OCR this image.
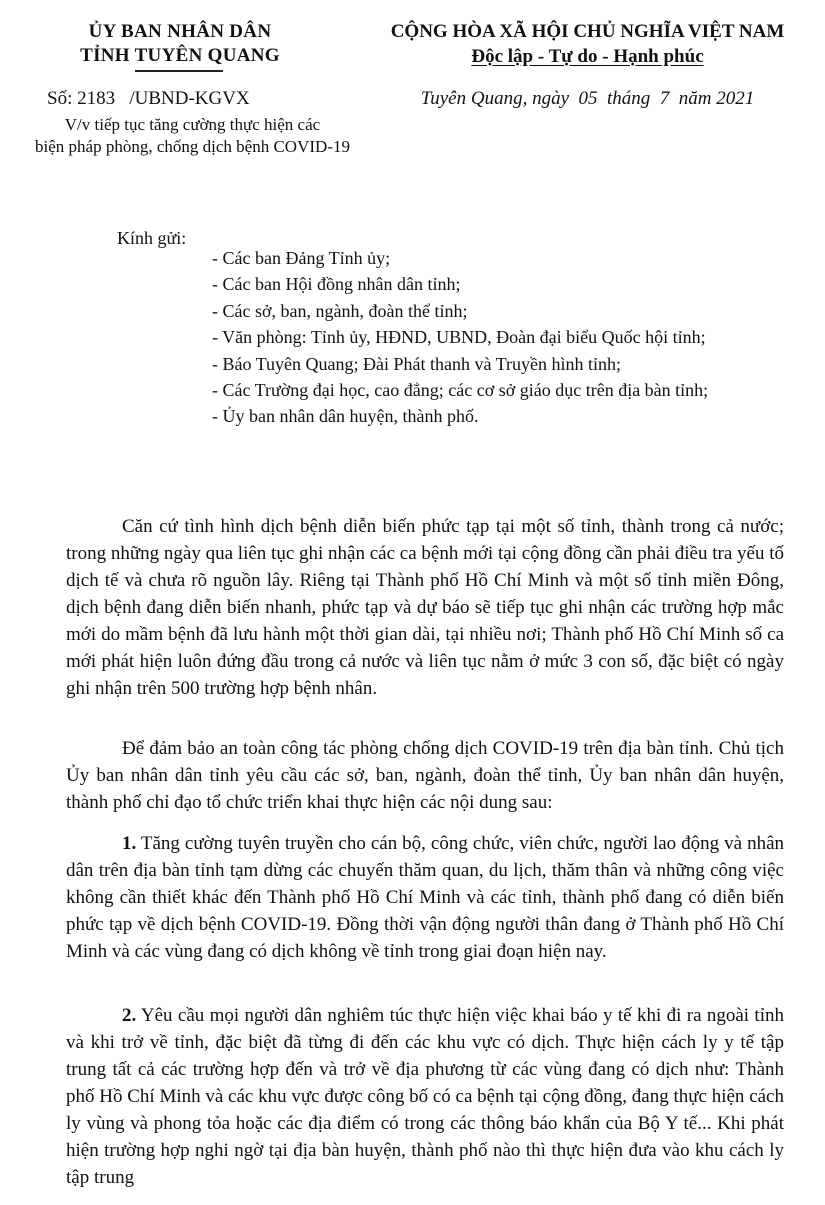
ỦY BAN NHÂN DÂN
TỈNH TUYÊN QUANG
CỘNG HÒA XÃ HỘI CHỦ NGHĨA VIỆT NAM
Độc lập - Tự do - Hạnh phúc
Số: 2183 /UBND-KGVX	Tuyên Quang, ngày  05  tháng  7  năm 2021
V/v tiếp tục tăng cường thực hiện các
biện pháp phòng, chống dịch bệnh COVID-19
Kính gửi:
- Các ban Đảng Tỉnh ủy;
- Các ban Hội đồng nhân dân tỉnh;
- Các sở, ban, ngành, đoàn thể tỉnh;
- Văn phòng: Tỉnh ủy, HĐND, UBND, Đoàn đại biểu Quốc hội tỉnh;
- Báo Tuyên Quang; Đài Phát thanh và Truyền hình tỉnh;
- Các Trường đại học, cao đẳng; các cơ sở giáo dục trên địa bàn tỉnh;
- Ủy ban nhân dân huyện, thành phố.

Căn cứ tình hình dịch bệnh diễn biến phức tạp tại một số tỉnh, thành trong cả nước; trong những ngày qua liên tục ghi nhận các ca bệnh mới tại cộng đồng cần phải điều tra yếu tố dịch tế và chưa rõ nguồn lây. Riêng tại Thành phố Hồ Chí Minh và một số tỉnh miền Đông, dịch bệnh đang diễn biến nhanh, phức tạp và dự báo sẽ tiếp tục ghi nhận các trường hợp mắc mới do mầm bệnh đã lưu hành một thời gian dài, tại nhiều nơi; Thành phố Hồ Chí Minh số ca mới phát hiện luôn đứng đầu trong cả nước và liên tục nằm ở mức 3 con số, đặc biệt có ngày ghi nhận trên 500 trường hợp bệnh nhân.

Để đảm bảo an toàn công tác phòng chống dịch COVID-19 trên địa bàn tỉnh. Chủ tịch Ủy ban nhân dân tỉnh yêu cầu các sở, ban, ngành, đoàn thể tỉnh, Ủy ban nhân dân huyện, thành phố chỉ đạo tổ chức triển khai thực hiện các nội dung sau:

1. Tăng cường tuyên truyền cho cán bộ, công chức, viên chức, người lao động và nhân dân trên địa bàn tỉnh tạm dừng các chuyến thăm quan, du lịch, thăm thân và những công việc không cần thiết khác đến Thành phố Hồ Chí Minh và các tỉnh, thành phố đang có diễn biến phức tạp về dịch bệnh COVID-19. Đồng thời vận động người thân đang ở Thành phố Hồ Chí Minh và các vùng đang có dịch không về tỉnh trong giai đoạn hiện nay.

2. Yêu cầu mọi người dân nghiêm túc thực hiện việc khai báo y tế khi đi ra ngoài tỉnh và khi trở về tỉnh, đặc biệt đã từng đi đến các khu vực có dịch. Thực hiện cách ly y tế tập trung tất cả các trường hợp đến và trở về địa phương từ các vùng đang có dịch như: Thành phố Hồ Chí Minh và các khu vực được công bố có ca bệnh tại cộng đồng, đang thực hiện cách ly vùng và phong tỏa hoặc các địa điểm có trong các thông báo khẩn của Bộ Y tế... Khi phát hiện trường hợp nghi ngờ tại địa bàn huyện, thành phố nào thì thực hiện đưa vào khu cách ly tập trung
